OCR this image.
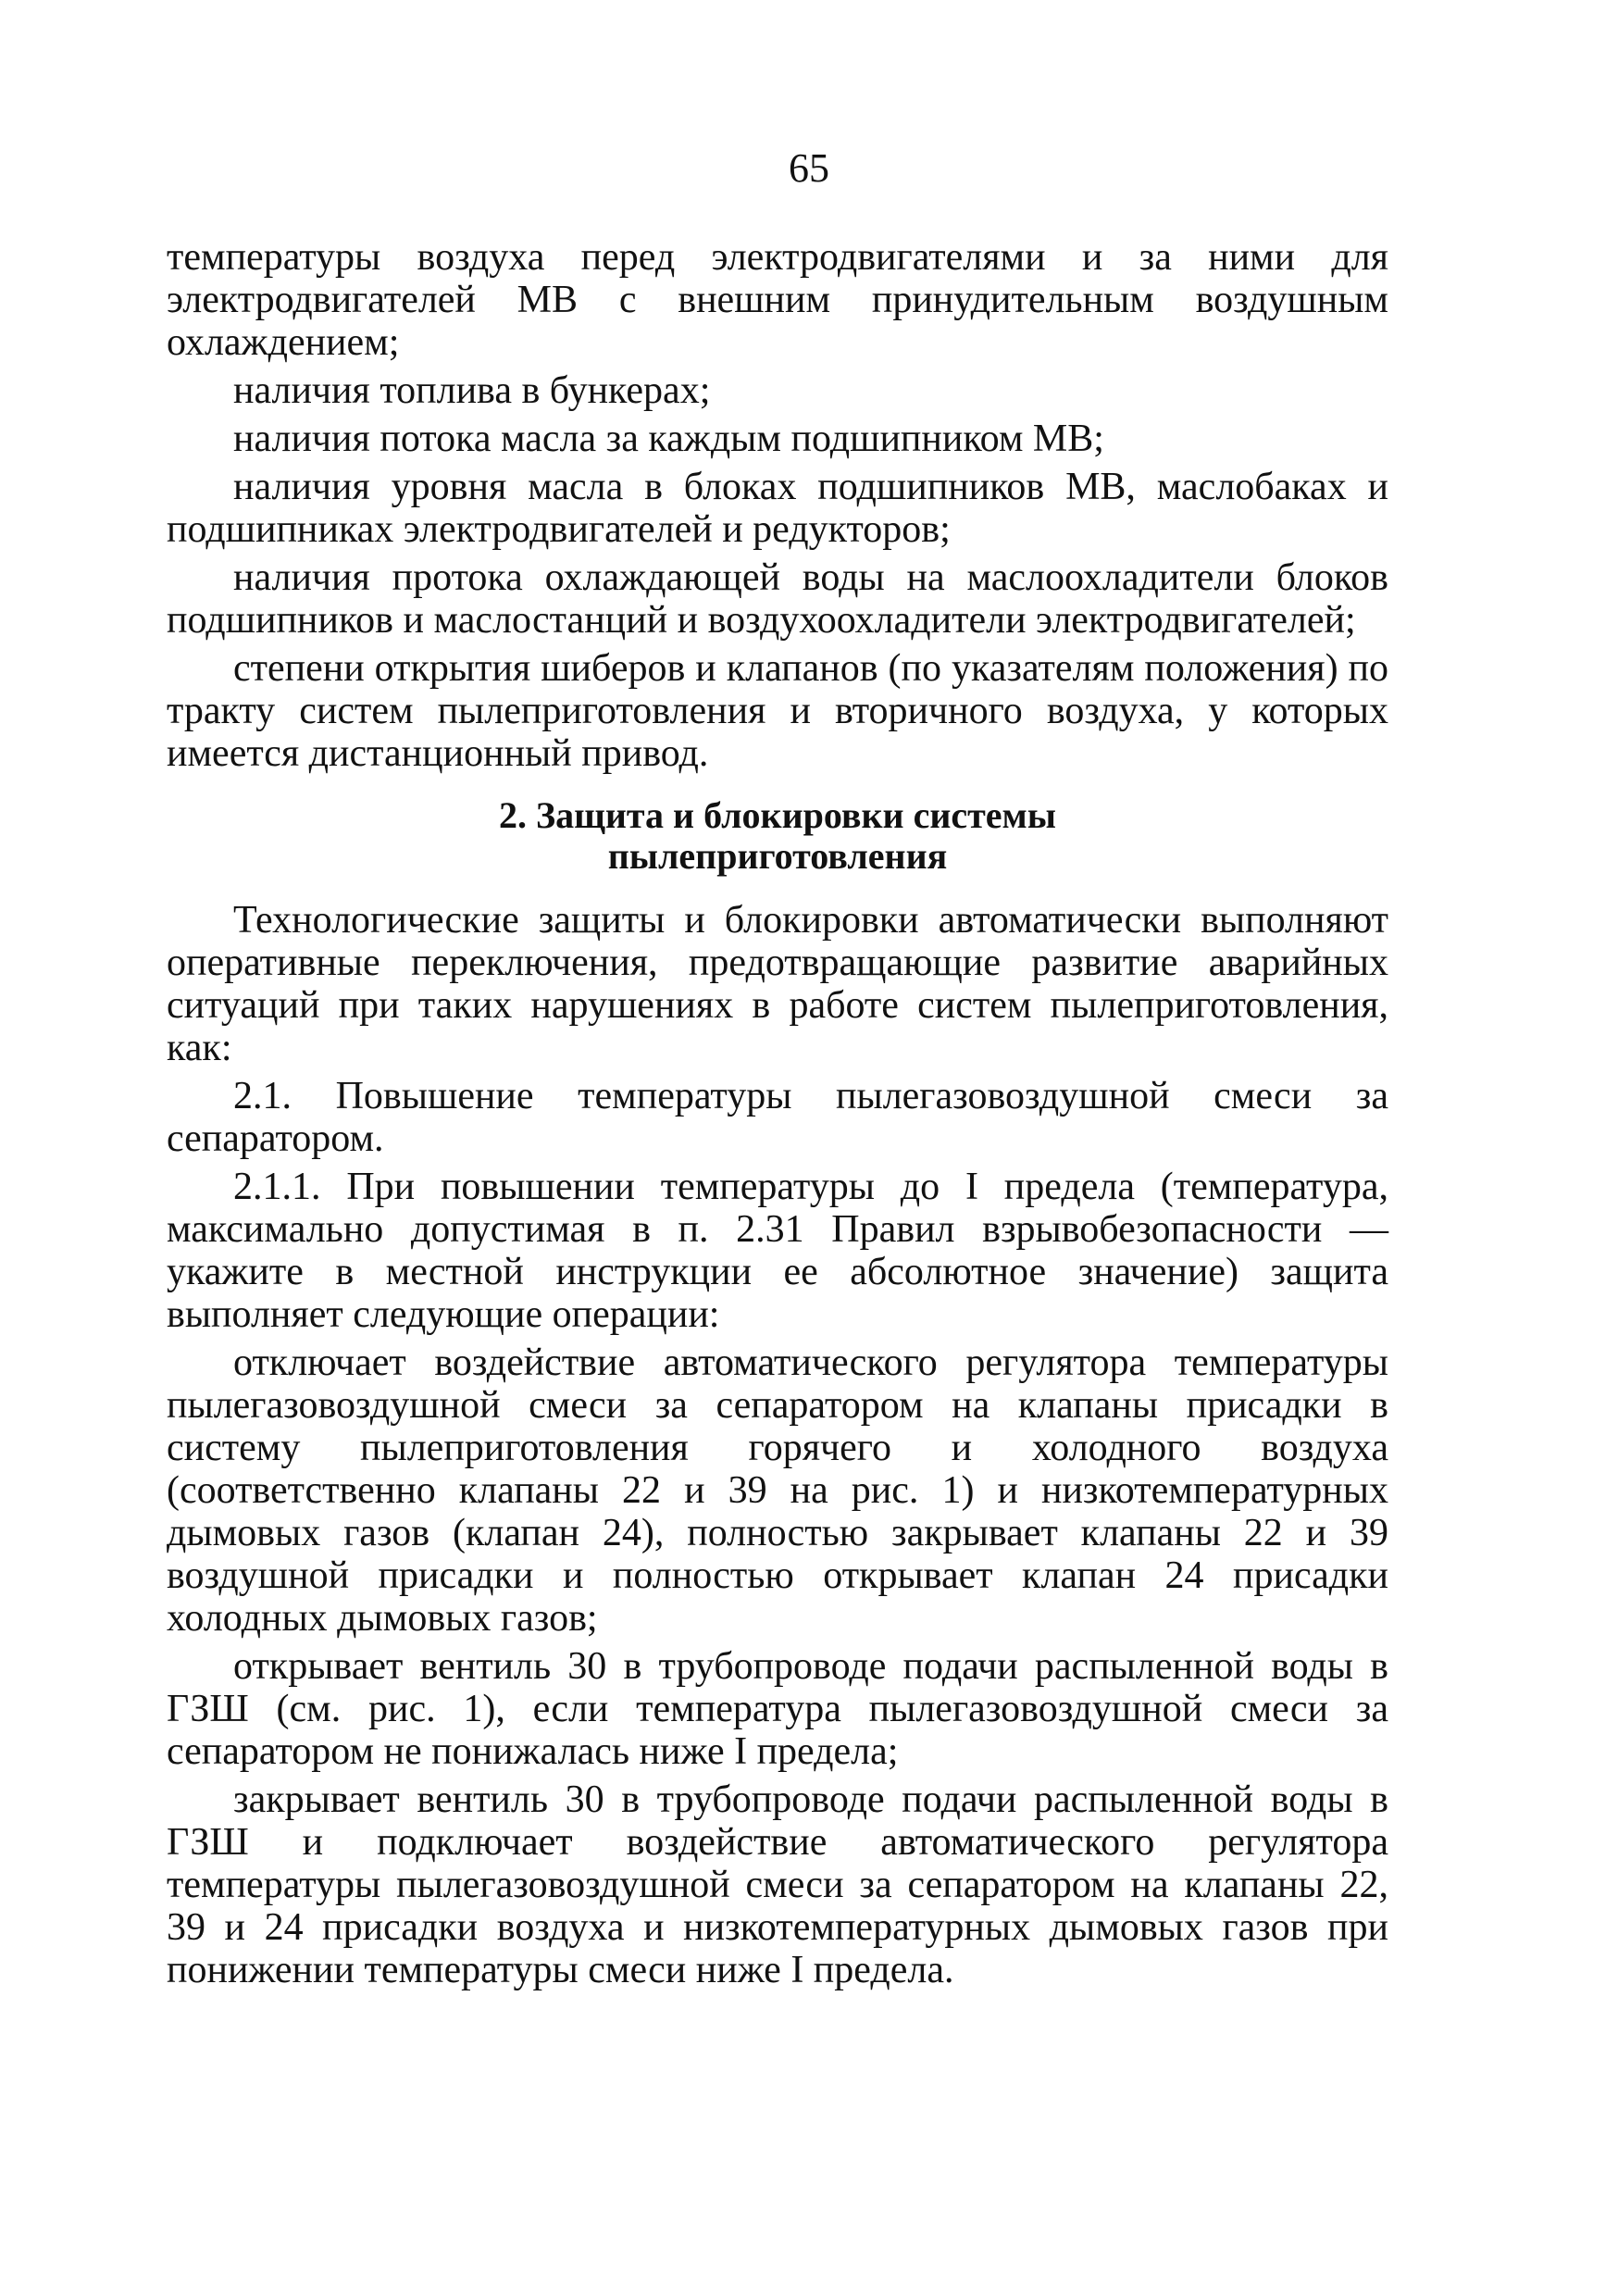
65

температуры воздуха перед электродвигателями и за ними для электродвигателей МВ с внешним принудительным воздушным охлаждением;

наличия топлива в бункерах;

наличия потока масла за каждым подшипником МВ;

наличия уровня масла в блоках подшипников МВ, маслобаках и подшипниках электродвигателей и редукторов;

наличия протока охлаждающей воды на маслоохладители блоков подшипников и маслостанций и воздухоохладители электродвигателей;

степени открытия шиберов и клапанов (по указателям положения) по тракту систем пылеприготовления и вторичного воздуха, у которых имеется дистанционный привод.

2. Защита и блокировки системы
пылеприготовления

Технологические защиты и блокировки автоматически выполняют оперативные переключения, предотвращающие развитие аварийных ситуаций при таких нарушениях в работе систем пылеприготовления, как:

2.1. Повышение температуры пылегазовоздушной смеси за сепаратором.

2.1.1. При повышении температуры до I предела (температура, максимально допустимая в п. 2.31 Правил взрывобезопасности — укажите в местной инструкции ее абсолютное значение) защита выполняет следующие операции:

отключает воздействие автоматического регулятора температуры пылегазовоздушной смеси за сепаратором на клапаны присадки в систему пылеприготовления горячего и холодного воздуха (соответственно клапаны 22 и 39 на рис. 1) и низкотемпературных дымовых газов (клапан 24), полностью закрывает клапаны 22 и 39 воздушной присадки и полностью открывает клапан 24 присадки холодных дымовых газов;

открывает вентиль 30 в трубопроводе подачи распыленной воды в ГЗШ (см. рис. 1), если температура пылегазовоздушной смеси за сепаратором не понижалась ниже I предела;

закрывает вентиль 30 в трубопроводе подачи распыленной воды в ГЗШ и подключает воздействие автоматического регулятора температуры пылегазовоздушной смеси за сепаратором на клапаны 22, 39 и 24 присадки воздуха и низкотемпературных дымовых газов при понижении температуры смеси ниже I предела.
